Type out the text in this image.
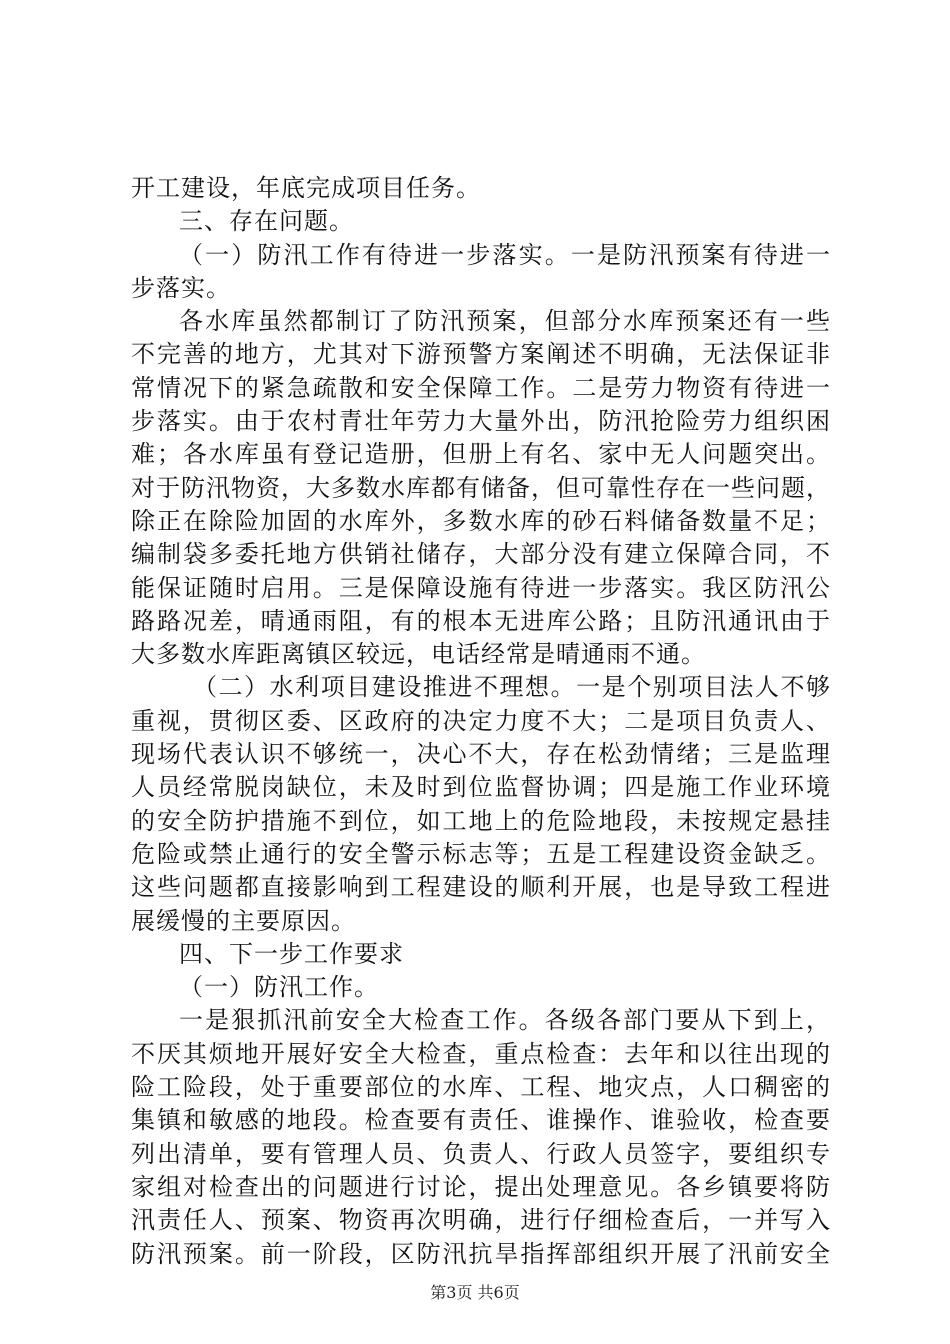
开工建设，年底完成项目任务。
三、存在问题。
（一）防汛工作有待进一步落实。一是防汛预案有待进一
步落实。
各水库虽然都制订了防汛预案，但部分水库预案还有一些
不完善的地方，尤其对下游预警方案阐述不明确，无法保证非
常情况下的紧急疏散和安全保障工作。二是劳力物资有待进一
步落实。由于农村青壮年劳力大量外出，防汛抢险劳力组织困
难；各水库虽有登记造册，但册上有名、家中无人问题突出。
对于防汛物资，大多数水库都有储备，但可靠性存在一些问题，
除正在除险加固的水库外，多数水库的砂石料储备数量不足；
编制袋多委托地方供销社储存，大部分没有建立保障合同，不
能保证随时启用。三是保障设施有待进一步落实。我区防汛公
路路况差，晴通雨阻，有的根本无进库公路；且防汛通讯由于
大多数水库距离镇区较远，电话经常是晴通雨不通。
（二）水利项目建设推进不理想。一是个别项目法人不够
重视，贯彻区委、区政府的决定力度不大；二是项目负责人、
现场代表认识不够统一，决心不大，存在松劲情绪；三是监理
人员经常脱岗缺位，未及时到位监督协调；四是施工作业环境
的安全防护措施不到位，如工地上的危险地段，未按规定悬挂
危险或禁止通行的安全警示标志等；五是工程建设资金缺乏。
这些问题都直接影响到工程建设的顺利开展，也是导致工程进
展缓慢的主要原因。
四、下一步工作要求
（一）防汛工作。
一是狠抓汛前安全大检查工作。各级各部门要从下到上，
不厌其烦地开展好安全大检查，重点检查：去年和以往出现的
险工险段，处于重要部位的水库、工程、地灾点，人口稠密的
集镇和敏感的地段。检查要有责任、谁操作、谁验收，检查要
列出清单，要有管理人员、负责人、行政人员签字，要组织专
家组对检查出的问题进行讨论，提出处理意见。各乡镇要将防
汛责任人、预案、物资再次明确，进行仔细检查后，一并写入
防汛预案。前一阶段，区防汛抗旱指挥部组织开展了汛前安全
第3页 共6页
